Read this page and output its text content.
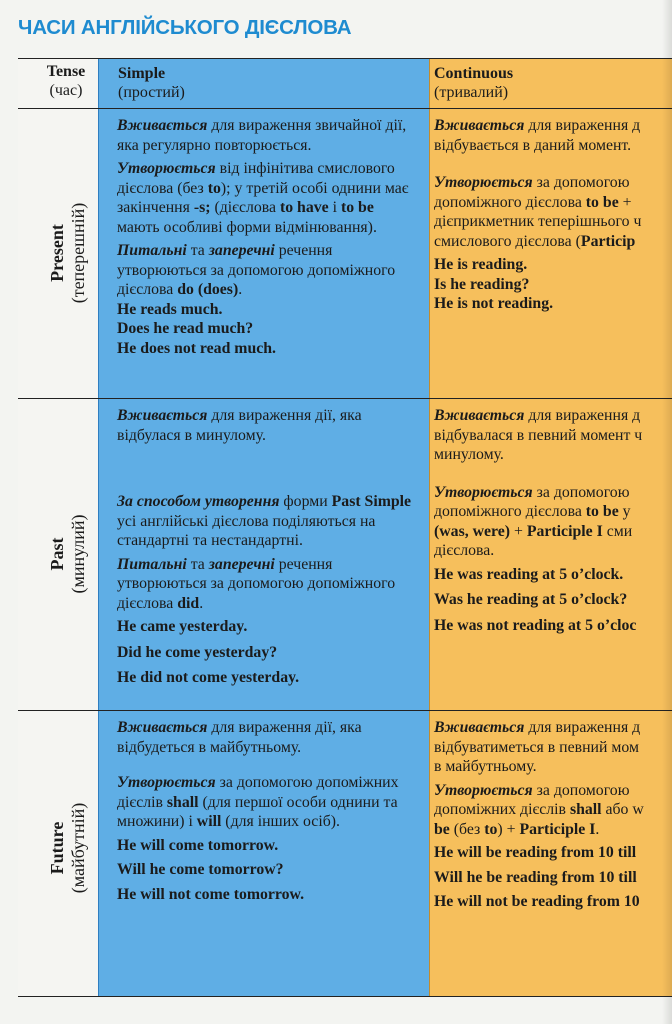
ЧАСИ АНГЛІЙСЬКОГО ДІЄСЛОВА

Вживається для вираження д

відбувається в даний момент.

Утворюється за допомогою

допоміжного дієслова to be +

дієприкметник теперішнього ч

смислового дієслова (Particip

He is reading.
Is he reading?
He is not reading.

Вживається для вираження д

відбувалася в певний момент ч

минулому.

Утворюється за допомогою

допоміжного дієслова to be у

(was, were) + Participle I сми

дієслова.

He was reading at 5 o’clock.
Was he reading at 5 o’clock?
He was not reading at 5 o’cloc

Вживається для вираження д

відбуватиметься в певний мом

в майбутньому.

Утворюється за допомогою

допоміжних дієслів shall або w

be (без to) + Participle I.

He will be reading from 10 till
Will he be reading from 10 till
He will not be reading from 10
Tense
(час)
Simple
(простий)
Continuous
(тривалий)
Present (теперешній)
Past (минулий)
Future (майбутній)

Вживається для вираження звичайної дії, яка регулярно повторюється.

Утворюється від інфінітива смислового дієслова (без to); у третій особі однини має закінчення -s; (дієслова to have і to be мають особливі форми відмінювання).

Питальні та заперечні речення утворюються за допомогою допоміжного дієслова do (does).

He reads much.
Does he read much?
He does not read much.

Вживається для вираження дії, яка відбулася в минулому.

За способом утворення форми Past Simple усі англійські дієслова поділяються на стандартні та нестандартні.

Питальні та заперечні речення утворюються за допомогою допоміжного дієслова did.

He came yesterday.
Did he come yesterday?
He did not come yesterday.

Вживається для вираження дії, яка відбудеться в майбутньому.

Утворюється за допомогою допоміжних дієслів shall (для першої особи однини та множини) і will (для інших осіб).

He will come tomorrow.
Will he come tomorrow?
He will not come tomorrow.
